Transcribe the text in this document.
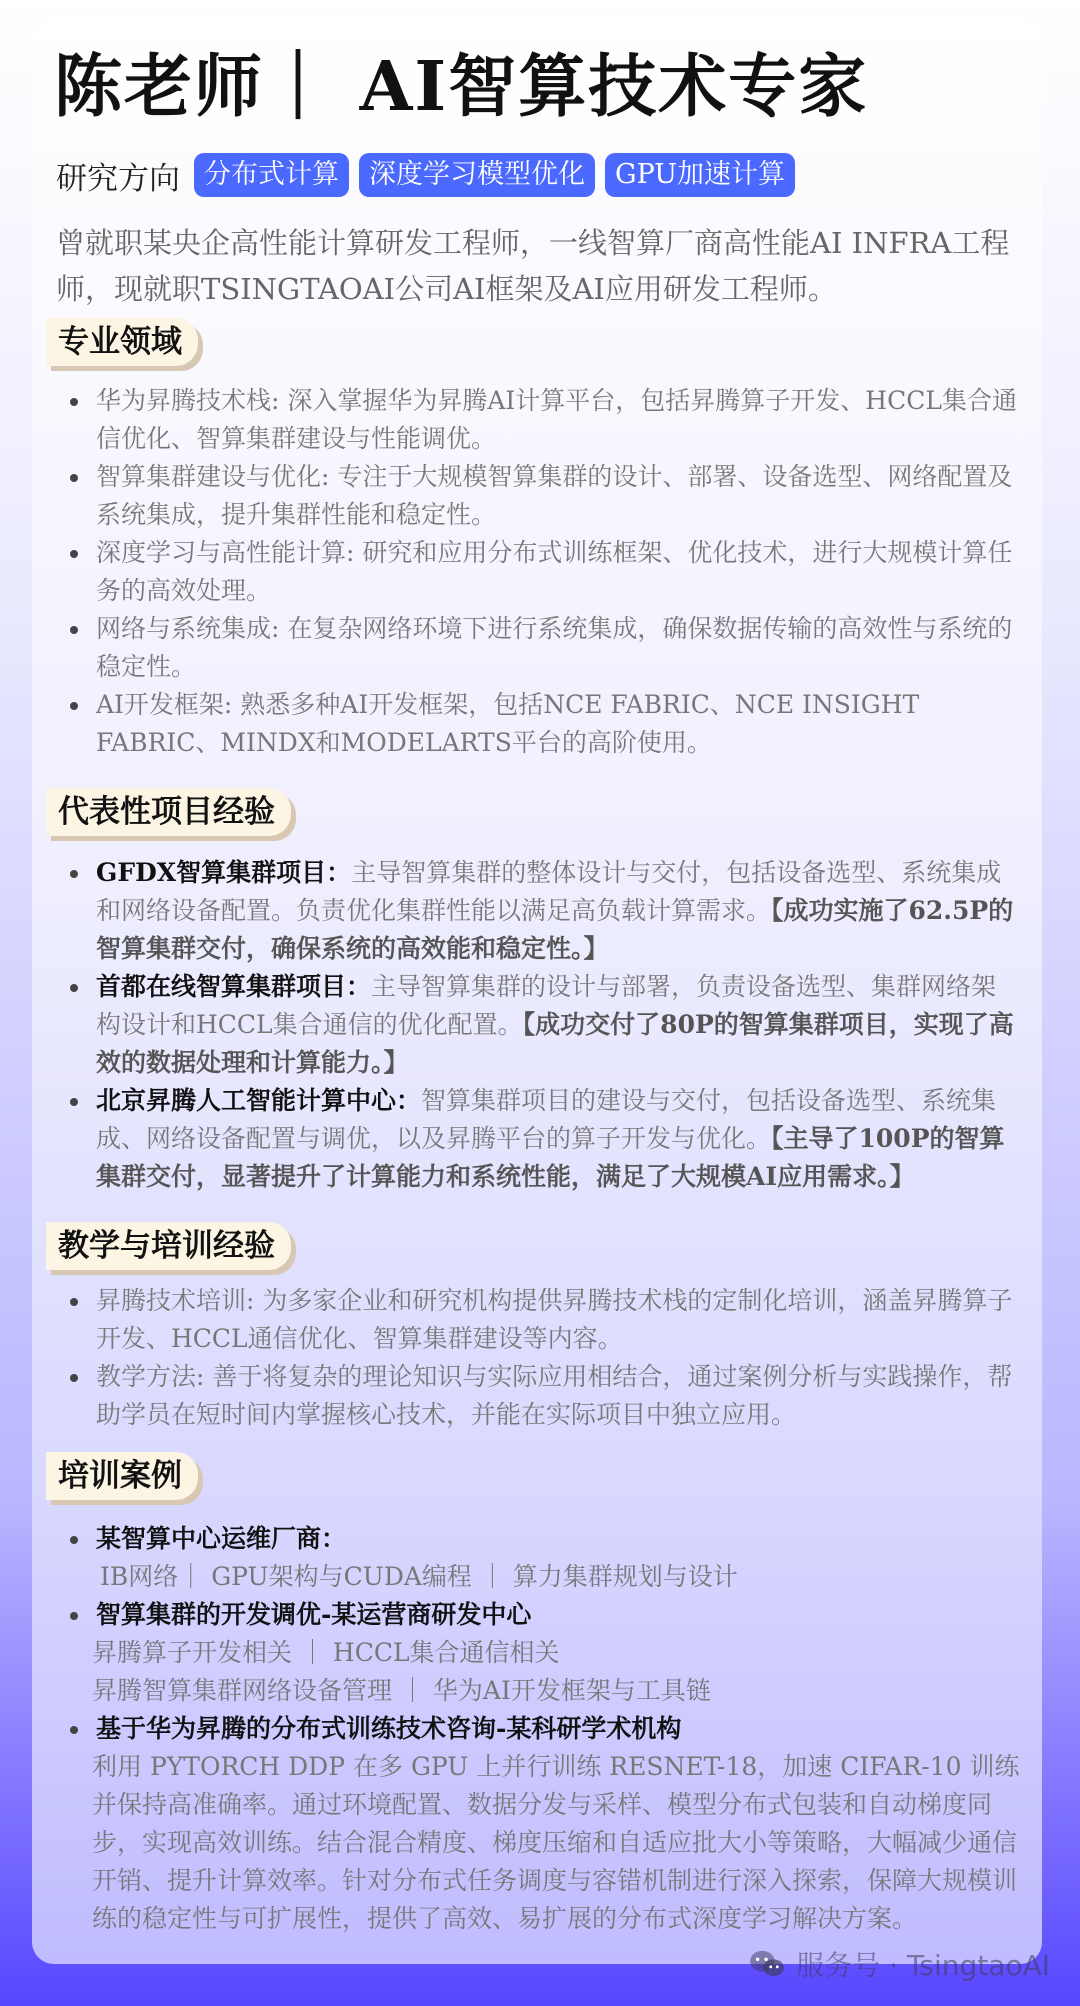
陈老师｜ AI智算技术专家
研究方向 分布式计算	深度学习模型优化	GPU加速计算

曾就职某央企高性能计算研发工程师，一线智算厂商高性能AI INFRA工程师，现就职TSINGTAOAI公司AI框架及AI应用研发工程师。

专业领域
华为昇腾技术栈: 深入掌握华为昇腾AI计算平台，包括昇腾算子开发、HCCL集合通信优化、智算集群建设与性能调优。
智算集群建设与优化: 专注于大规模智算集群的设计、部署、设备选型、网络配置及系统集成，提升集群性能和稳定性。
深度学习与高性能计算: 研究和应用分布式训练框架、优化技术，进行大规模计算任务的高效处理。
网络与系统集成: 在复杂网络环境下进行系统集成，确保数据传输的高效性与系统的稳定性。
AI开发框架: 熟悉多种AI开发框架，包括NCE FABRIC、NCE INSIGHT FABRIC、MINDX和MODELARTS平台的高阶使用。
代表性项目经验
GFDX智算集群项目：主导智算集群的整体设计与交付，包括设备选型、系统集成和网络设备配置。负责优化集群性能以满足高负载计算需求。【成功实施了62.5P的智算集群交付，确保系统的高效能和稳定性。】
首都在线智算集群项目：主导智算集群的设计与部署，负责设备选型、集群网络架构设计和HCCL集合通信的优化配置。【成功交付了80P的智算集群项目，实现了高效的数据处理和计算能力。】
北京昇腾人工智能计算中心：智算集群项目的建设与交付，包括设备选型、系统集成、网络设备配置与调优，以及昇腾平台的算子开发与优化。【主导了100P的智算集群交付，显著提升了计算能力和系统性能，满足了大规模AI应用需求。】
教学与培训经验
昇腾技术培训: 为多家企业和研究机构提供昇腾技术栈的定制化培训，涵盖昇腾算子开发、HCCL通信优化、智算集群建设等内容。
教学方法: 善于将复杂的理论知识与实际应用相结合，通过案例分析与实践操作，帮助学员在短时间内掌握核心技术，并能在实际项目中独立应用。
培训案例
某智算中心运维厂商：
IB网络｜ GPU架构与CUDA编程 ｜ 算力集群规划与设计
智算集群的开发调优-某运营商研发中心
昇腾算子开发相关 ｜ HCCL集合通信相关
昇腾智算集群网络设备管理 ｜ 华为AI开发框架与工具链
基于华为昇腾的分布式训练技术咨询-某科研学术机构
利用 PYTORCH DDP 在多 GPU 上并行训练 RESNET-18，加速 CIFAR-10 训练并保持高准确率。通过环境配置、数据分发与采样、模型分布式包装和自动梯度同步，实现高效训练。结合混合精度、梯度压缩和自适应批大小等策略，大幅减少通信开销、提升计算效率。针对分布式任务调度与容错机制进行深入探索，保障大规模训练的稳定性与可扩展性，提供了高效、易扩展的分布式深度学习解决方案。
服务号 · TsingtaoAI
